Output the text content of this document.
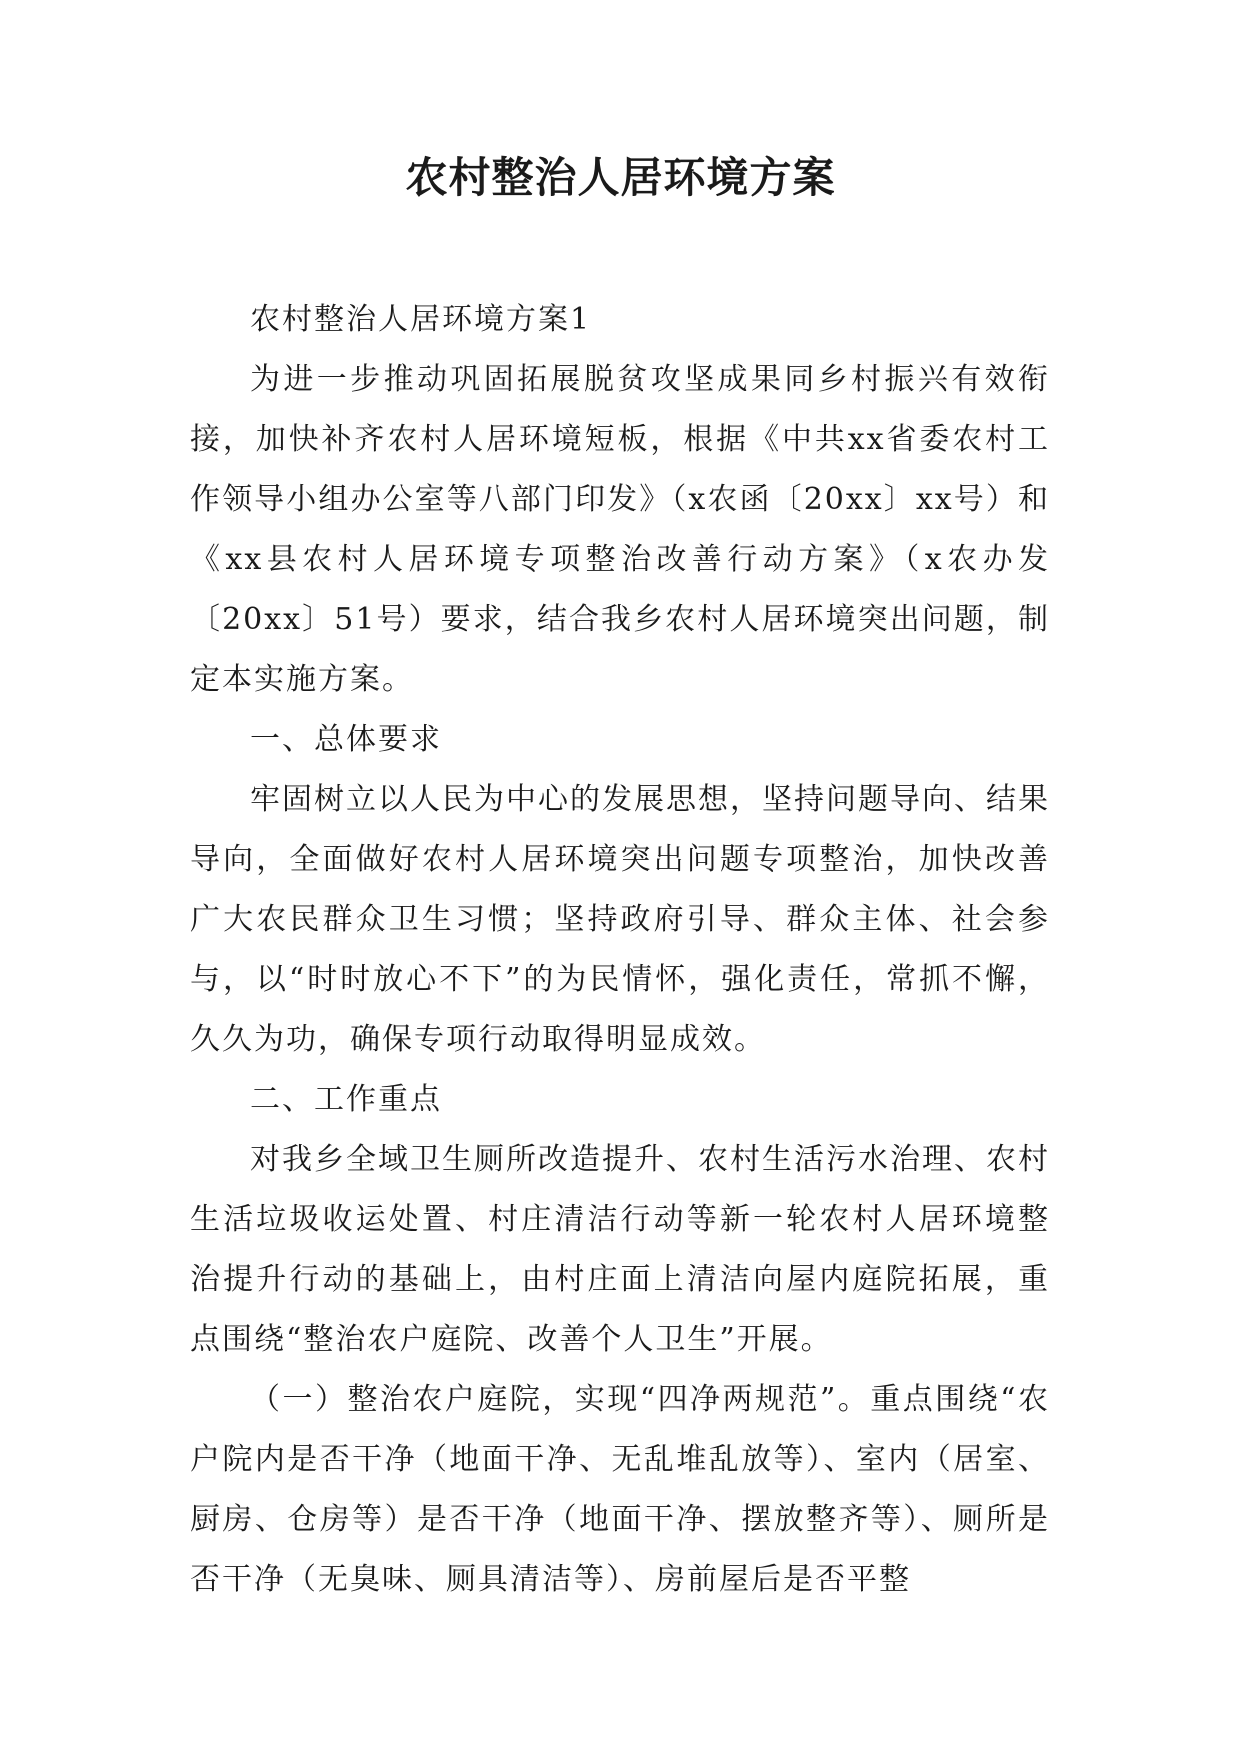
农村整治人居环境方案

农村整治人居环境方案1

为进一步推动巩固拓展脱贫攻坚成果同乡村振兴有效衔接，加快补齐农村人居环境短板，根据《中共xx省委农村工作领导小组办公室等八部门印发》（x农函〔20xx〕xx号）和《xx县农村人居环境专项整治改善行动方案》（x农办发〔20xx〕51号）要求，结合我乡农村人居环境突出问题，制定本实施方案。

一、总体要求

牢固树立以人民为中心的发展思想，坚持问题导向、结果导向，全面做好农村人居环境突出问题专项整治，加快改善广大农民群众卫生习惯；坚持政府引导、群众主体、社会参与，以“时时放心不下”的为民情怀，强化责任，常抓不懈，久久为功，确保专项行动取得明显成效。

二、工作重点

对我乡全域卫生厕所改造提升、农村生活污水治理、农村生活垃圾收运处置、村庄清洁行动等新一轮农村人居环境整治提升行动的基础上，由村庄面上清洁向屋内庭院拓展，重点围绕“整治农户庭院、改善个人卫生”开展。

（一）整治农户庭院，实现“四净两规范”。重点围绕“农户院内是否干净（地面干净、无乱堆乱放等）、室内（居室、厨房、仓房等）是否干净（地面干净、摆放整齐等）、厕所是否干净（无臭味、厕具清洁等）、房前屋后是否平整
